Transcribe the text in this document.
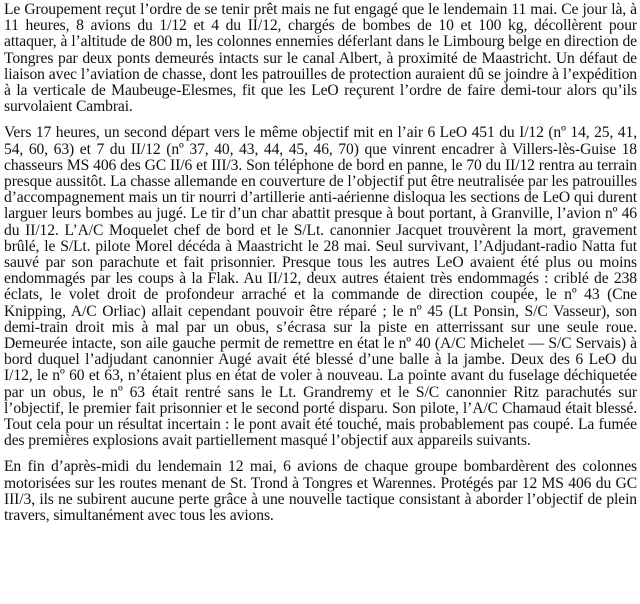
Le Groupement reçut l’ordre de se tenir prêt mais ne fut engagé que le lendemain 11 mai. Ce jour là, à 11 heures, 8 avions du 1/12 et 4 du II/12, chargés de bombes de 10 et 100 kg, décollèrent pour attaquer, à l’altitude de 800 m, les colonnes ennemies déferlant dans le Limbourg belge en direction de Tongres par deux ponts demeurés intacts sur le canal Albert, à proximité de Maastricht. Un défaut de liaison avec l’aviation de chasse, dont les patrouilles de protection auraient dû se joindre à l’expédition à la verticale de Maubeuge-Elesmes, fit que les LeO reçurent l’ordre de faire demi-tour alors qu’ils survolaient Cambrai.

Vers 17 heures, un second départ vers le même objectif mit en l’air 6 LeO 451 du I/12 (nº 14, 25, 41, 54, 60, 63) et 7 du II/12 (nº 37, 40, 43, 44, 45, 46, 70) que vinrent encadrer à Villers-lès-Guise 18 chasseurs MS 406 des GC II/6 et III/3. Son téléphone de bord en panne, le 70 du II/12 rentra au terrain presque aussitôt. La chasse allemande en couverture de l’objectif put être neutralisée par les patrouilles d’accompagnement mais un tir nourri d’artillerie anti-aérienne disloqua les sections de LeO qui durent larguer leurs bombes au jugé. Le tir d’un char abattit presque à bout portant, à Granville, l’avion nº 46 du II/12. L’A/C Moquelet chef de bord et le S/Lt. canonnier Jacquet trouvèrent la mort, gravement brûlé, le S/Lt. pilote Morel décéda à Maastricht le 28 mai. Seul survivant, l’Adjudant-radio Natta fut sauvé par son parachute et fait prisonnier. Presque tous les autres LeO avaient été plus ou moins endommagés par les coups à la Flak. Au II/12, deux autres étaient très endommagés : criblé de 238 éclats, le volet droit de profondeur arraché et la commande de direction coupée, le nº 43 (Cne Knipping, A/C Orliac) allait cependant pouvoir être réparé ; le nº 45 (Lt Ponsin, S/C Vasseur), son demi-train droit mis à mal par un obus, s’écrasa sur la piste en atterrissant sur une seule roue. Demeurée intacte, son aile gauche permit de remettre en état le nº 40 (A/C Michelet — S/C Servais) à bord duquel l’adjudant canonnier Augé avait été blessé d’une balle à la jambe. Deux des 6 LeO du I/12, le nº 60 et 63, n’étaient plus en état de voler à nouveau. La pointe avant du fuselage déchiquetée par un obus, le nº 63 était rentré sans le Lt. Grandremy et le S/C canonnier Ritz parachutés sur l’objectif, le premier fait prisonnier et le second porté disparu. Son pilote, l’A/C Chamaud était blessé. Tout cela pour un résultat incertain : le pont avait été touché, mais probablement pas coupé. La fumée des premières explosions avait partiellement masqué l’objectif aux appareils suivants.

En fin d’après-midi du lendemain 12 mai, 6 avions de chaque groupe bombardèrent des colonnes motorisées sur les routes menant de St. Trond à Tongres et Warennes. Protégés par 12 MS 406 du GC III/3, ils ne subirent aucune perte grâce à une nouvelle tactique consistant à aborder l’objectif de plein travers, simultanément avec tous les avions.
